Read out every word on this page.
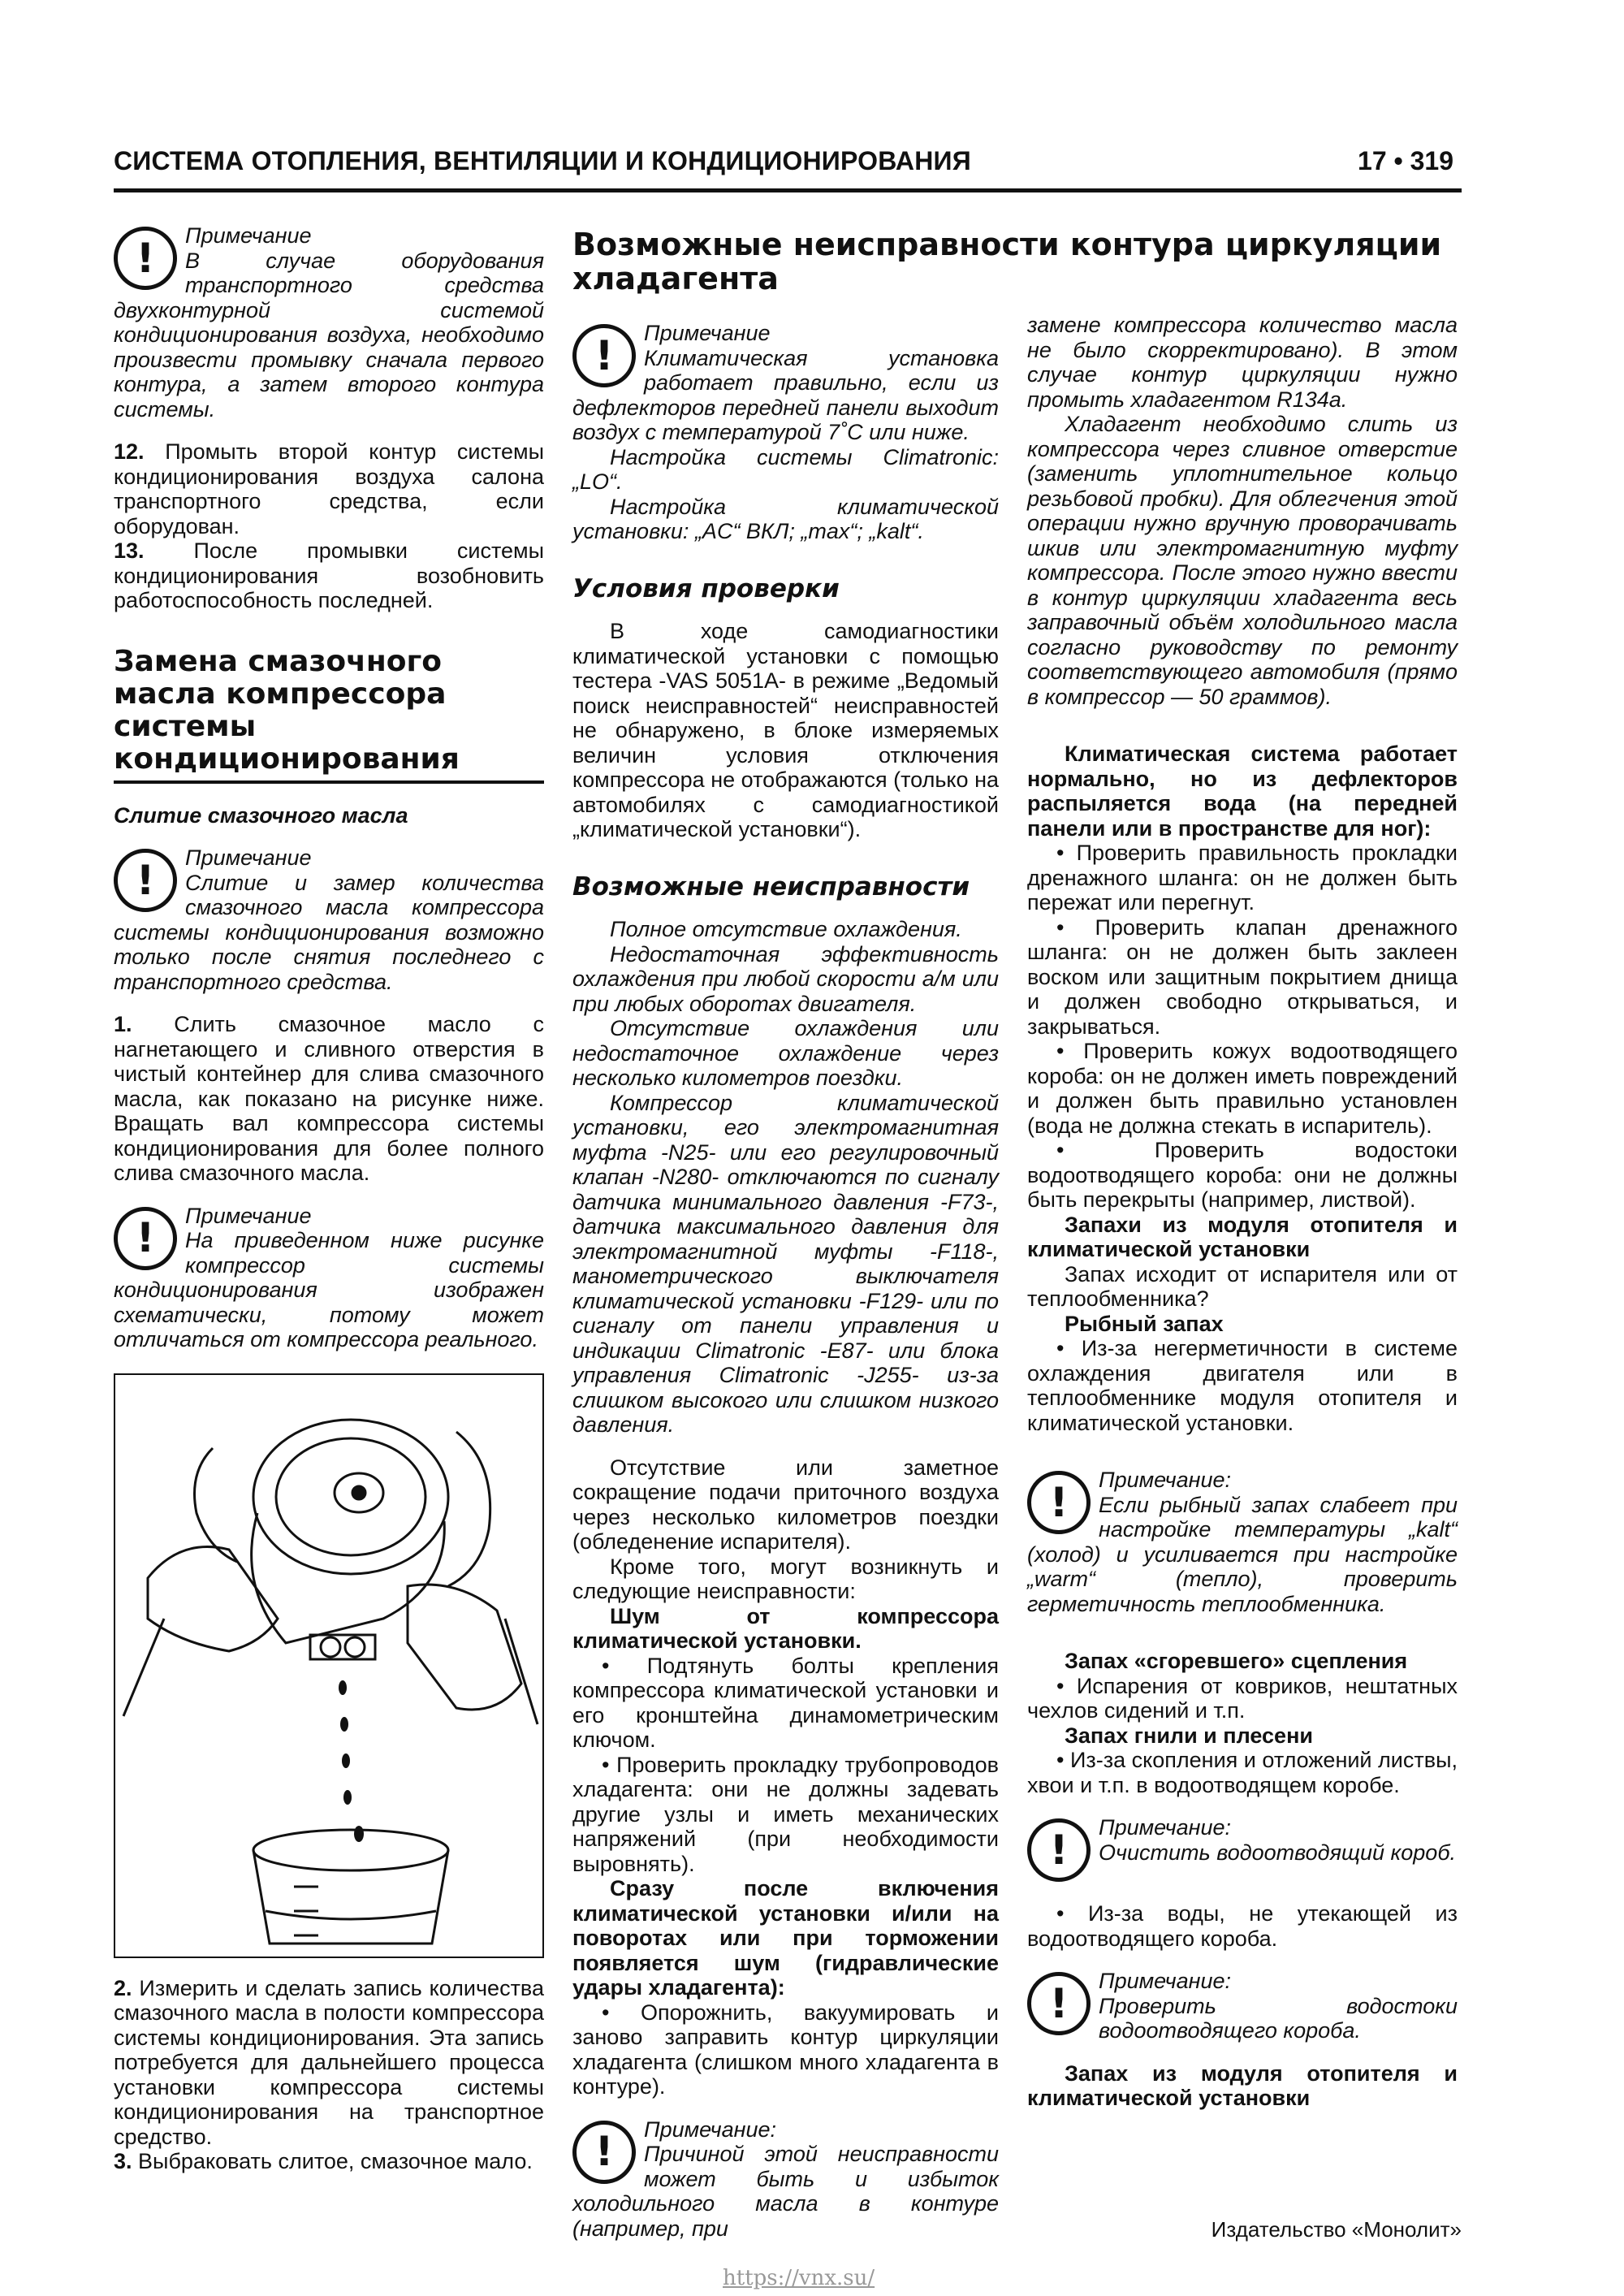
СИСТЕМА ОТОПЛЕНИЯ, ВЕНТИЛЯЦИИ И КОНДИЦИОНИРОВАНИЯ	17 • 319
!	Примечание

В случае оборудования транспортного средства двухконтурной системой кондиционирования воздуха, необходимо произвести промывку сначала первого контура, а затем второго контура системы.

12. Промыть второй контур системы кондиционирования воздуха салона транспортного средства, если оборудован.

13. После промывки системы кондиционирования возобновить работоспособность последней.

Замена смазочного масла компрессора системы кондиционирования
Слитие смазочного масла
!	Примечание

Слитие и замер количества смазочного масла компрессора системы кондиционирования возможно только после снятия последнего с транспортного средства.

1. Слить смазочное масло с нагнетающего и сливного отверстия в чистый контейнер для слива смазочного масла, как показано на рисунке ниже. Вращать вал компрессора системы кондиционирования для более полного слива смазочного масла.

!	Примечание

На приведенном ниже рисунке компрессор системы кондиционирования изображен схематически, потому может отличаться от компрессора реального.

2. Измерить и сделать запись количества смазочного масла в полости компрессора системы кондиционирования. Эта запись потребуется для дальнейшего процесса установки компрессора системы кондиционирования на транспортное средство.

3. Выбраковать слитое, смазочное мало.

Возможные неисправности контура циркуляции хладагента
!	Примечание

Климатическая установка работает правильно, если из дефлекторов передней панели выходит воздух с температурой 7˚С или ниже.

Настройка системы Climatronic: „LO“.

Настройка климатической установки: „AC“ ВКЛ; „max“; „kalt“.

Условия проверки

В ходе самодиагностики климатической установки с помощью тестера -VAS 5051A- в режиме „Ведомый поиск неисправностей“ неисправностей не обнаружено, в блоке измеряемых величин условия отключения компрессора не отображаются (только на автомобилях с самодиагностикой „климатической установки“).

Возможные неисправности

Полное отсутствие охлаждения.

Недостаточная эффективность охлаждения при любой скорости а/м или при любых оборотах двигателя.

Отсутствие охлаждения или недостаточное охлаждение через несколько километров поездки.

Компрессор климатической установки, его электромагнитная муфта -N25- или его регулировочный клапан -N280- отключаются по сигналу датчика минимального давления -F73-, датчика максимального давления для электромагнитной муфты -F118-, манометрического выключателя климатической установки -F129- или по сигналу от панели управления и индикации Climatronic -E87- или блока управления Climatronic -J255- из-за слишком высокого или слишком низкого давления.

Отсутствие или заметное сокращение подачи приточного воздуха через несколько километров поездки (обледенение испарителя).

Кроме того, могут возникнуть и следующие неисправности:

Шум от компрессора климатической установки.

• Подтянуть болты крепления компрессора климатической установки и его кронштейна динамометрическим ключом.

• Проверить прокладку трубопроводов хладагента: они не должны задевать другие узлы и иметь механических напряжений (при необходимости выровнять).

Сразу после включения климатической установки и/или на поворотах или при торможении появляется шум (гидравлические удары хладагента):

• Опорожнить, вакуумировать и заново заправить контур циркуляции хладагента (слишком много хладагента в контуре).

!	Примечание:

Причиной этой неисправности может быть и избыток холодильного масла в контуре (например, при

замене компрессора количество масла не было скорректировано). В этом случае контур циркуляции нужно промыть хладагентом R134a.

Хладагент необходимо слить из компрессора через сливное отверстие (заменить уплотнительное кольцо резьбовой пробки). Для облегчения этой операции нужно вручную проворачивать шкив или электромагнитную муфту компрессора. После этого нужно ввести в контур циркуляции хладагента весь заправочный объём холодильного масла согласно руководству по ремонту соответствующего автомобиля (прямо в компрессор — 50 граммов).

Климатическая система работает нормально, но из дефлекторов распыляется вода (на передней панели или в пространстве для ног):

• Проверить правильность прокладки дренажного шланга: он не должен быть пережат или перегнут.

• Проверить клапан дренажного шланга: он не должен быть заклеен воском или защитным покрытием днища и должен свободно открываться, и закрываться.

• Проверить кожух водоотводящего короба: он не должен иметь повреждений и должен быть правильно установлен (вода не должна стекать в испаритель).

• Проверить водостоки водоотводящего короба: они не должны быть перекрыты (например, листвой).

Запахи из модуля отопителя и климатической установки

Запах исходит от испарителя или от теплообменника?

Рыбный запах

• Из-за негерметичности в системе охлаждения двигателя или в теплообменнике модуля отопителя и климатической установки.

!	Примечание:

Если рыбный запах слабеет при настройке температуры „kalt“ (холод) и усиливается при настройке „warm“ (тепло), проверить герметичность теплообменника.

Запах «сгоревшего» сцепления

• Испарения от ковриков, нештатных чехлов сидений и т.п.

Запах гнили и плесени

• Из-за скопления и отложений листвы, хвои и т.п. в водоотводящем коробе.

!	Примечание:

Очистить водоотводящий короб.

• Из-за воды, не утекающей из водоотводящего короба.

!	Примечание:

Проверить водостоки водоотводящего короба.

Запах из модуля отопителя и климатической установки

Издательство «Монолит»
https://vnx.su/
